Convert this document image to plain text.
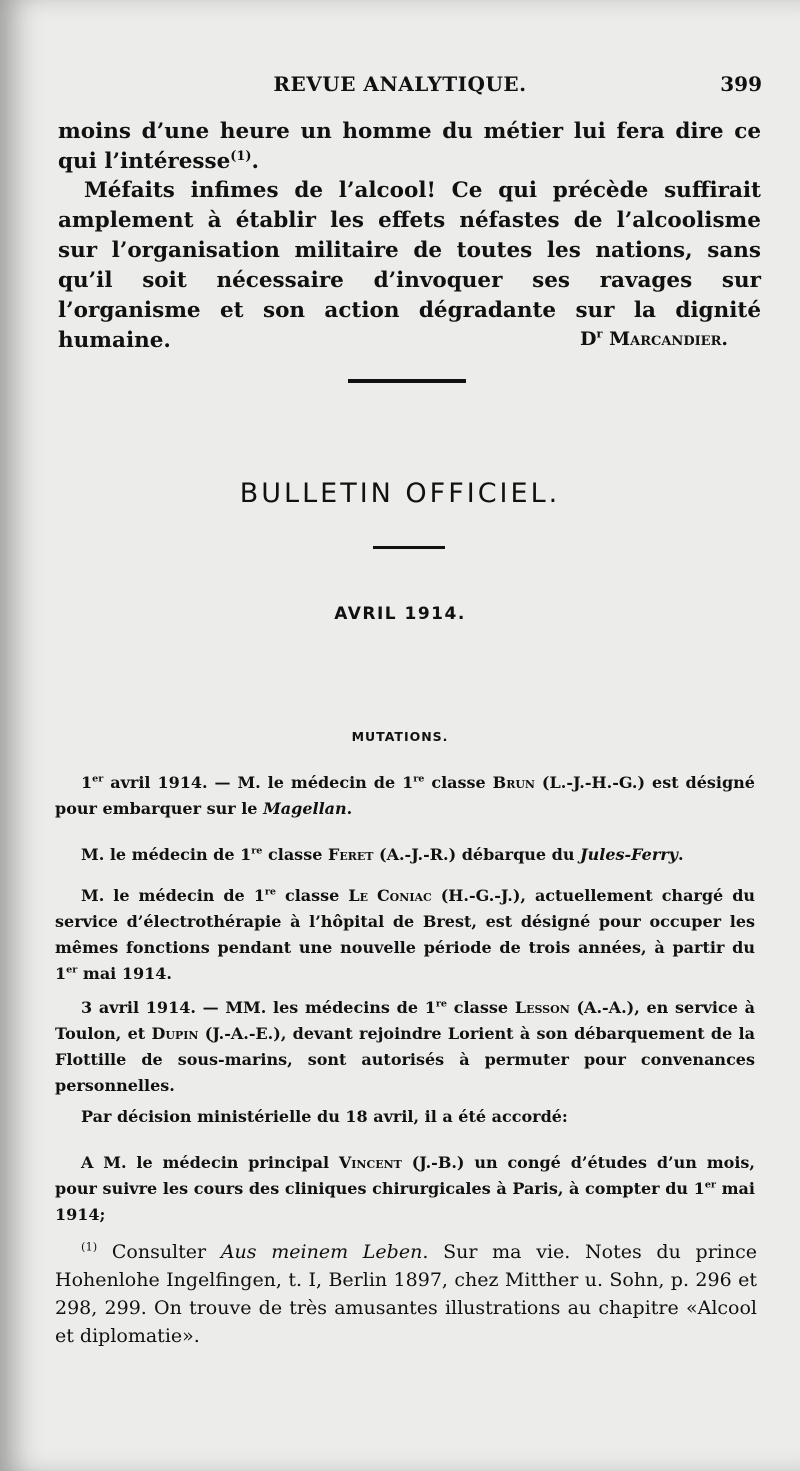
REVUE ANALYTIQUE.	399

moins d’une heure un homme du métier lui fera dire ce qui l’intéresse$^{(1)}$.

Méfaits infimes de l’alcool! Ce qui précède suffirait amplement à établir les effets néfastes de l’alcoolisme sur l’organisation militaire de toutes les nations, sans qu’il soit nécessaire d’invoquer ses ravages sur l’organisme et son action dégradante sur la dignité humaine.	$D^r$ Marcandier.
BULLETIN OFFICIEL.
AVRIL 1914.
MUTATIONS.

1er avril 1914. — M. le médecin de 1re classe Brun (L.-J.-H.-G.) est désigné pour embarquer sur le Magellan.

M. le médecin de 1re classe Feret (A.-J.-R.) débarque du Jules-Ferry.

M. le médecin de 1re classe Le Coniac (H.-G.-J.), actuellement chargé du service d’électrothérapie à l’hôpital de Brest, est désigné pour occuper les mêmes fonctions pendant une nouvelle période de trois années, à partir du 1er mai 1914.

3 avril 1914. — MM. les médecins de 1re classe Lesson (A.-A.), en service à Toulon, et Dupin (J.-A.-E.), devant rejoindre Lorient à son débarquement de la Flottille de sous-marins, sont autorisés à permuter pour convenances personnelles.

Par décision ministérielle du 18 avril, il a été accordé:

A M. le médecin principal Vincent (J.-B.) un congé d’études d’un mois, pour suivre les cours des cliniques chirurgicales à Paris, à compter du 1er mai 1914;

$^{(1)}$ Consulter Aus meinem Leben. Sur ma vie. Notes du prince Hohenlohe Ingelfingen, t. I, Berlin 1897, chez Mitther u. Sohn, p. 296 et 298, 299. On trouve de très amusantes illustrations au chapitre «Alcool et diplomatie».
